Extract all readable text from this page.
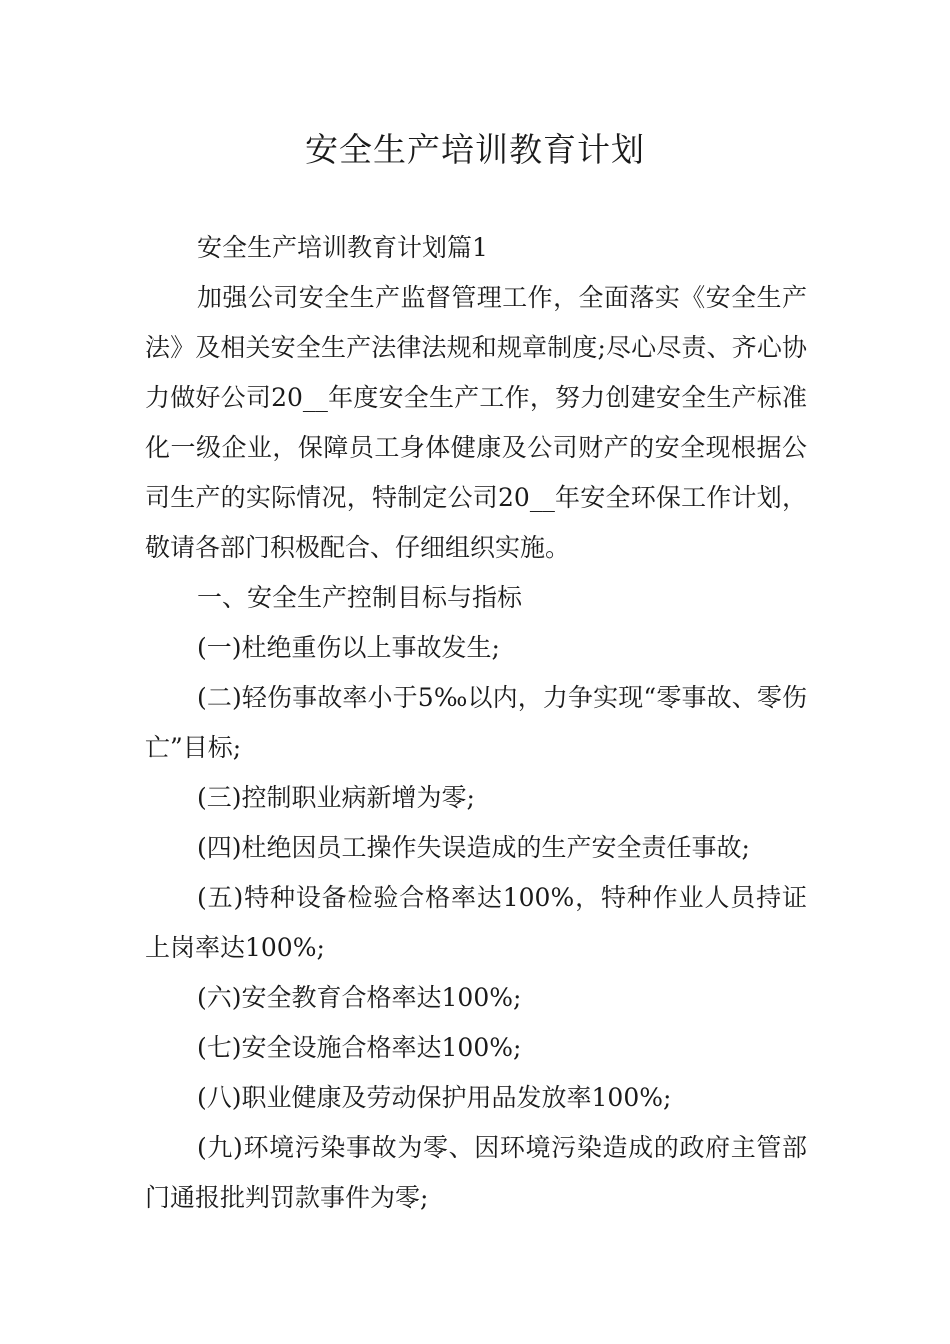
安全生产培训教育计划

安全生产培训教育计划篇1

加强公司安全生产监督管理工作，全面落实《安全生产法》及相关安全生产法律法规和规章制度;尽心尽责、齐心协力做好公司20__年度安全生产工作，努力创建安全生产标准化一级企业，保障员工身体健康及公司财产的安全现根据公司生产的实际情况，特制定公司20__年安全环保工作计划，敬请各部门积极配合、仔细组织实施。

一、安全生产控制目标与指标

(一)杜绝重伤以上事故发生;

(二)轻伤事故率小于5‰以内，力争实现“零事故、零伤亡”目标;

(三)控制职业病新增为零;

(四)杜绝因员工操作失误造成的生产安全责任事故;

(五)特种设备检验合格率达100%，特种作业人员持证上岗率达100%;

(六)安全教育合格率达100%;

(七)安全设施合格率达100%;

(八)职业健康及劳动保护用品发放率100%;

(九)环境污染事故为零、因环境污染造成的政府主管部门通报批判罚款事件为零;
